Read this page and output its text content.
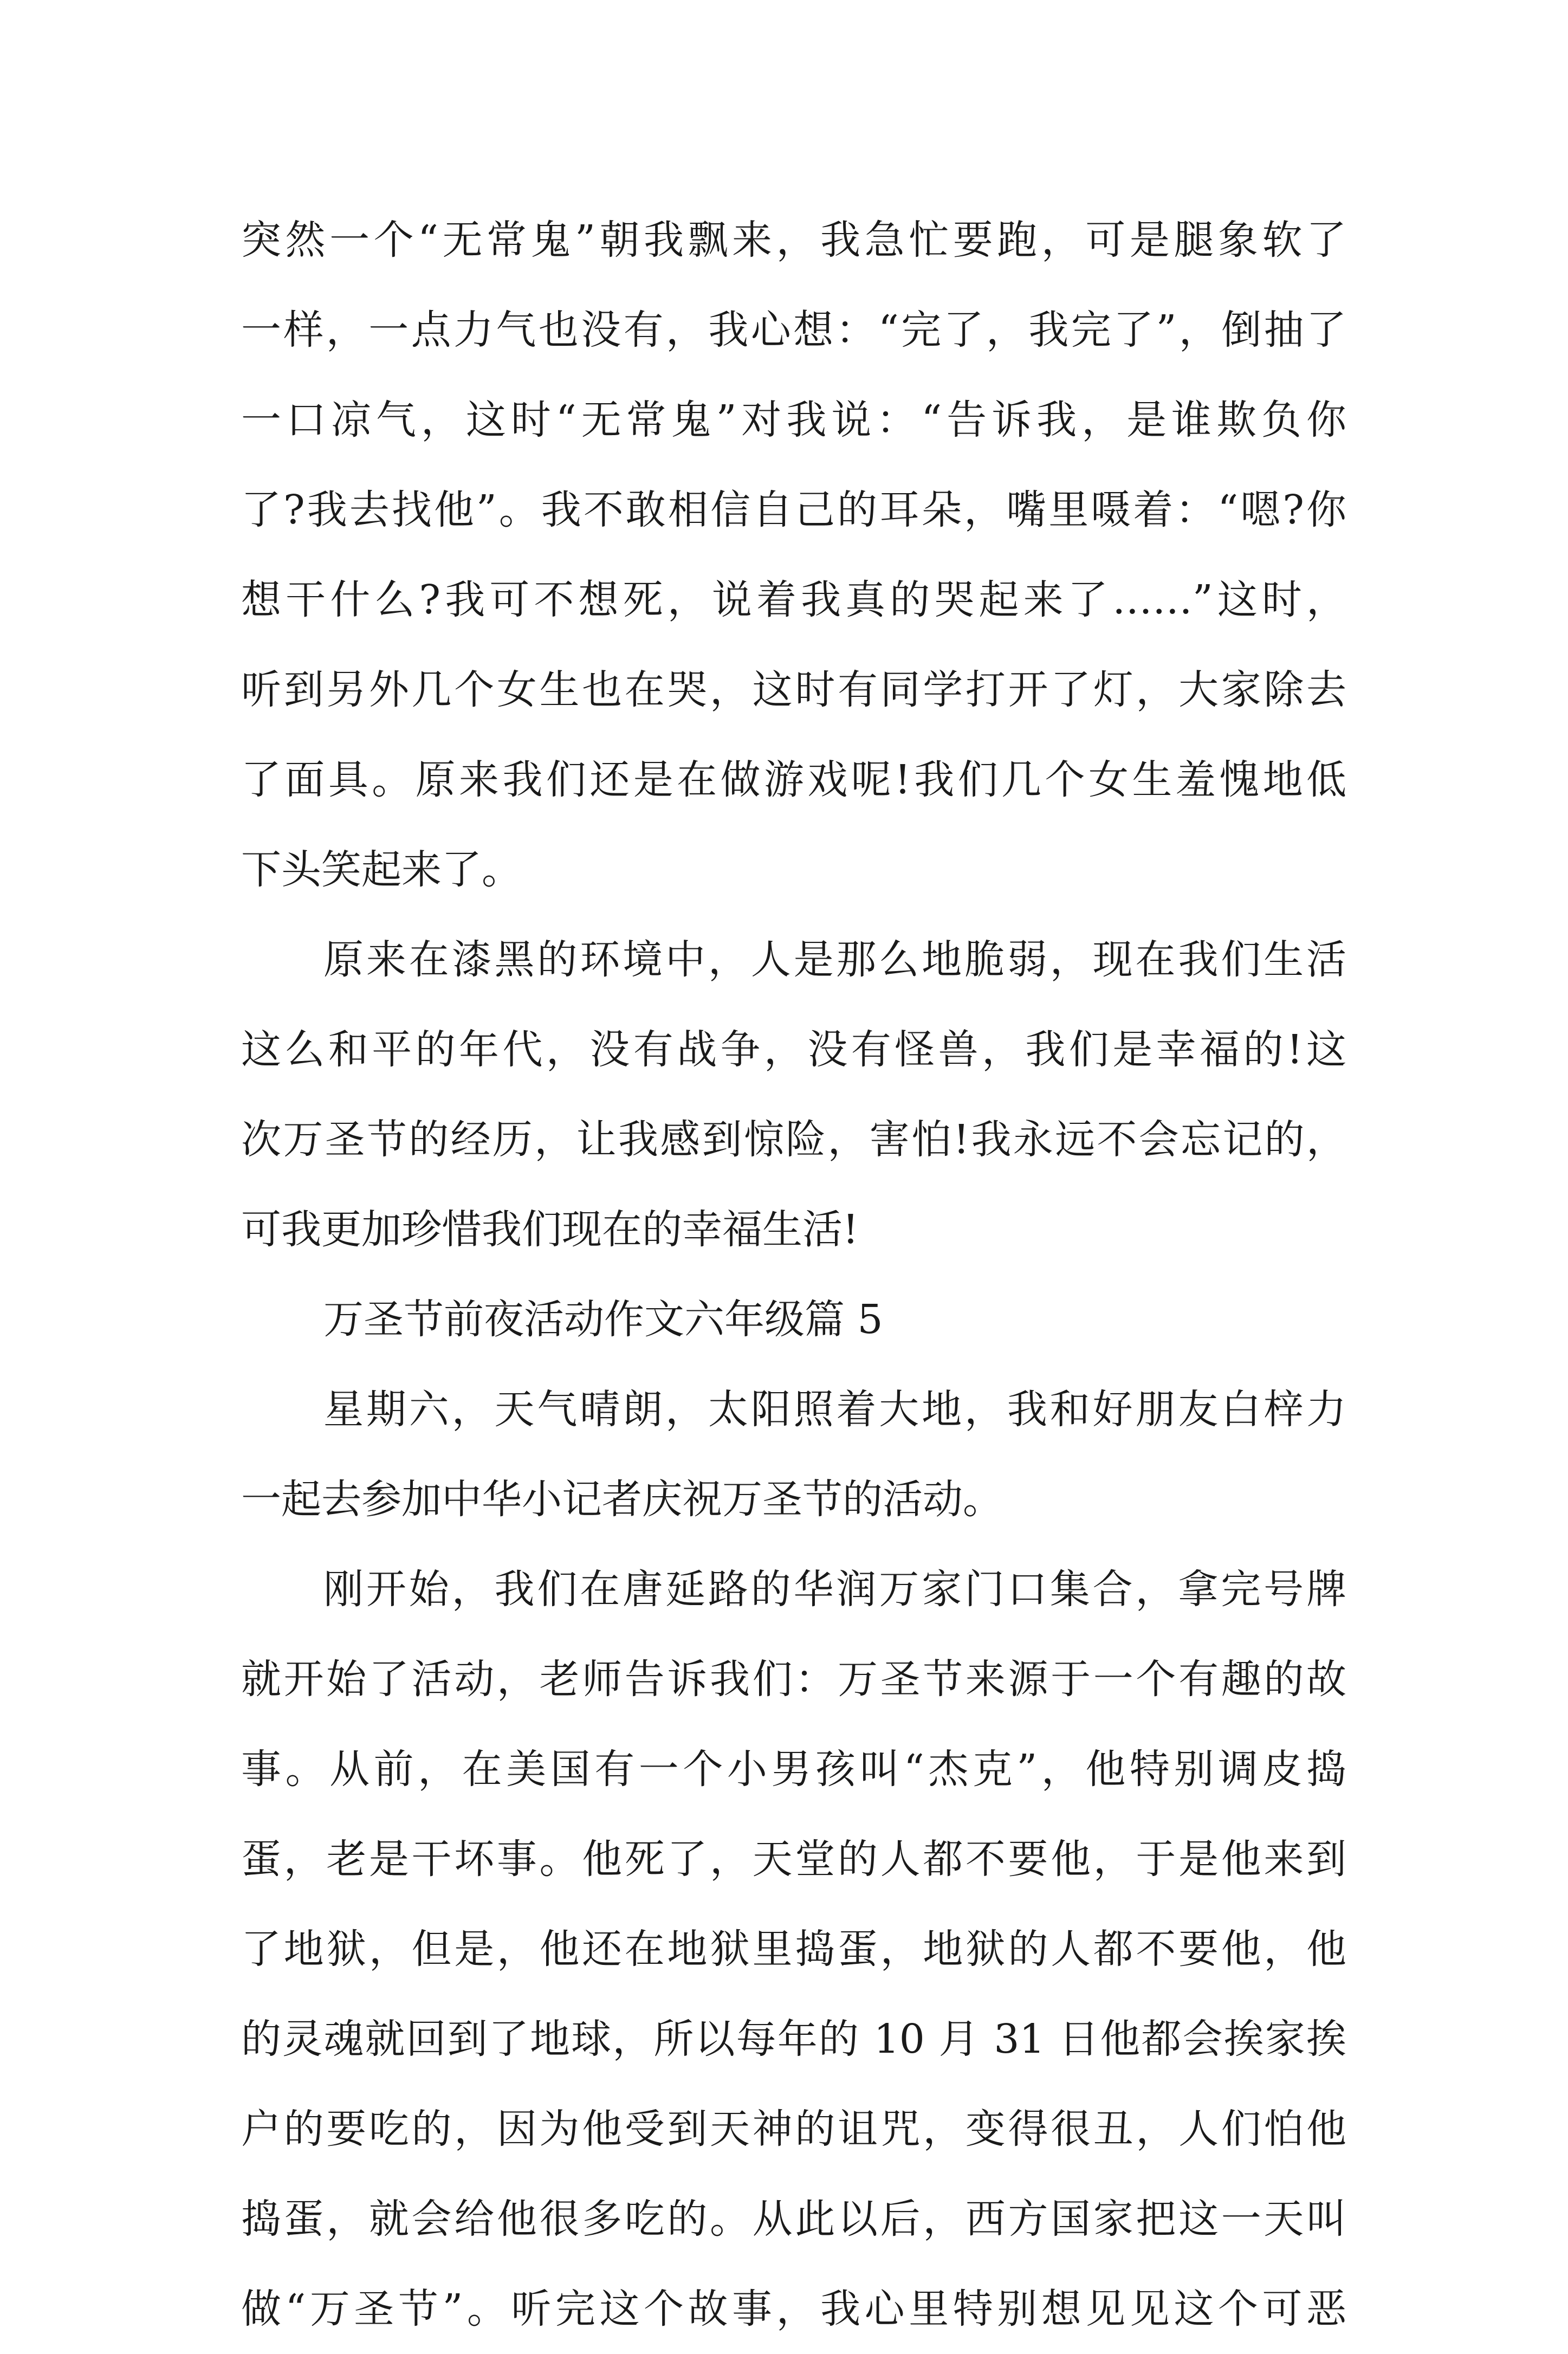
突然一个“无常鬼”朝我飘来，我急忙要跑，可是腿象软了
一样，一点力气也没有，我心想：“完了，我完了”，倒抽了
一口凉气，这时“无常鬼”对我说：“告诉我，是谁欺负你
了?我去找他”。我不敢相信自己的耳朵，嘴里嗫着：“嗯?你
想干什么?我可不想死，说着我真的哭起来了……”这时，
听到另外几个女生也在哭，这时有同学打开了灯，大家除去
了面具。原来我们还是在做游戏呢!我们几个女生羞愧地低
下头笑起来了。
原来在漆黑的环境中，人是那么地脆弱，现在我们生活
这么和平的年代，没有战争，没有怪兽，我们是幸福的!这
次万圣节的经历，让我感到惊险，害怕!我永远不会忘记的，
可我更加珍惜我们现在的幸福生活!
万圣节前夜活动作文六年级篇 5
星期六，天气晴朗，太阳照着大地，我和好朋友白梓力
一起去参加中华小记者庆祝万圣节的活动。
刚开始，我们在唐延路的华润万家门口集合，拿完号牌
就开始了活动，老师告诉我们：万圣节来源于一个有趣的故
事。从前，在美国有一个小男孩叫“杰克”，他特别调皮捣
蛋，老是干坏事。他死了，天堂的人都不要他，于是他来到
了地狱，但是，他还在地狱里捣蛋，地狱的人都不要他，他
的灵魂就回到了地球，所以每年的 10 月 31 日他都会挨家挨
户的要吃的，因为他受到天神的诅咒，变得很丑，人们怕他
捣蛋，就会给他很多吃的。从此以后，西方国家把这一天叫
做“万圣节”。听完这个故事，我心里特别想见见这个可恶
